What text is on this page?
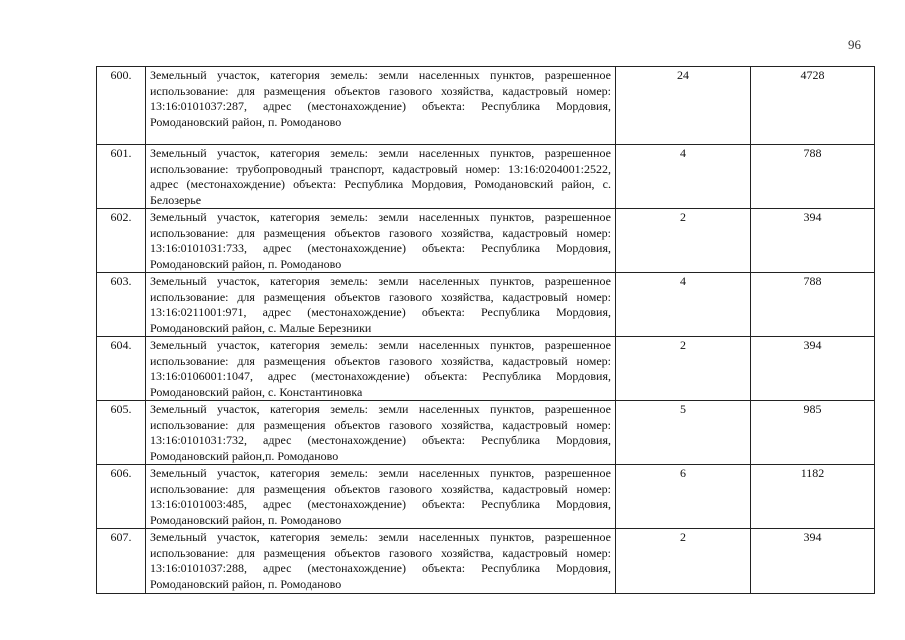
96
600.	Земельный участок, категория земель: земли населенных пунктов, разрешенное использование: для размещения объектов газового хозяйства, кадастровый номер: 13:16:0101037:287, адрес (местонахождение) объекта: Республика Мордовия, Ромодановский район, п. Ромоданово	24	4728
601.	Земельный участок, категория земель: земли населенных пунктов, разрешенное использование: трубопроводный транспорт, кадастровый номер: 13:16:0204001:2522, адрес (местонахождение) объекта: Республика Мордовия, Ромодановский район, с. Белозерье	4	788
602.	Земельный участок, категория земель: земли населенных пунктов, разрешенное использование: для размещения объектов газового хозяйства, кадастровый номер: 13:16:0101031:733, адрес (местонахождение) объекта: Республика Мордовия, Ромодановский район, п. Ромоданово	2	394
603.	Земельный участок, категория земель: земли населенных пунктов, разрешенное использование: для размещения объектов газового хозяйства, кадастровый номер: 13:16:0211001:971, адрес (местонахождение) объекта: Республика Мордовия, Ромодановский район, с. Малые Березники	4	788
604.	Земельный участок, категория земель: земли населенных пунктов, разрешенное использование: для размещения объектов газового хозяйства, кадастровый номер: 13:16:0106001:1047, адрес (местонахождение) объекта: Республика Мордовия, Ромодановский район, с. Константиновка	2	394
605.	Земельный участок, категория земель: земли населенных пунктов, разрешенное использование: для размещения объектов газового хозяйства, кадастровый номер: 13:16:0101031:732, адрес (местонахождение) объекта: Республика Мордовия, Ромодановский район,п. Ромоданово	5	985
606.	Земельный участок, категория земель: земли населенных пунктов, разрешенное использование: для размещения объектов газового хозяйства, кадастровый номер: 13:16:0101003:485, адрес (местонахождение) объекта: Республика Мордовия, Ромодановский район, п. Ромоданово	6	1182
607.	Земельный участок, категория земель: земли населенных пунктов, разрешенное использование: для размещения объектов газового хозяйства, кадастровый номер: 13:16:0101037:288, адрес (местонахождение) объекта: Республика Мордовия, Ромодановский район, п. Ромоданово	2	394
